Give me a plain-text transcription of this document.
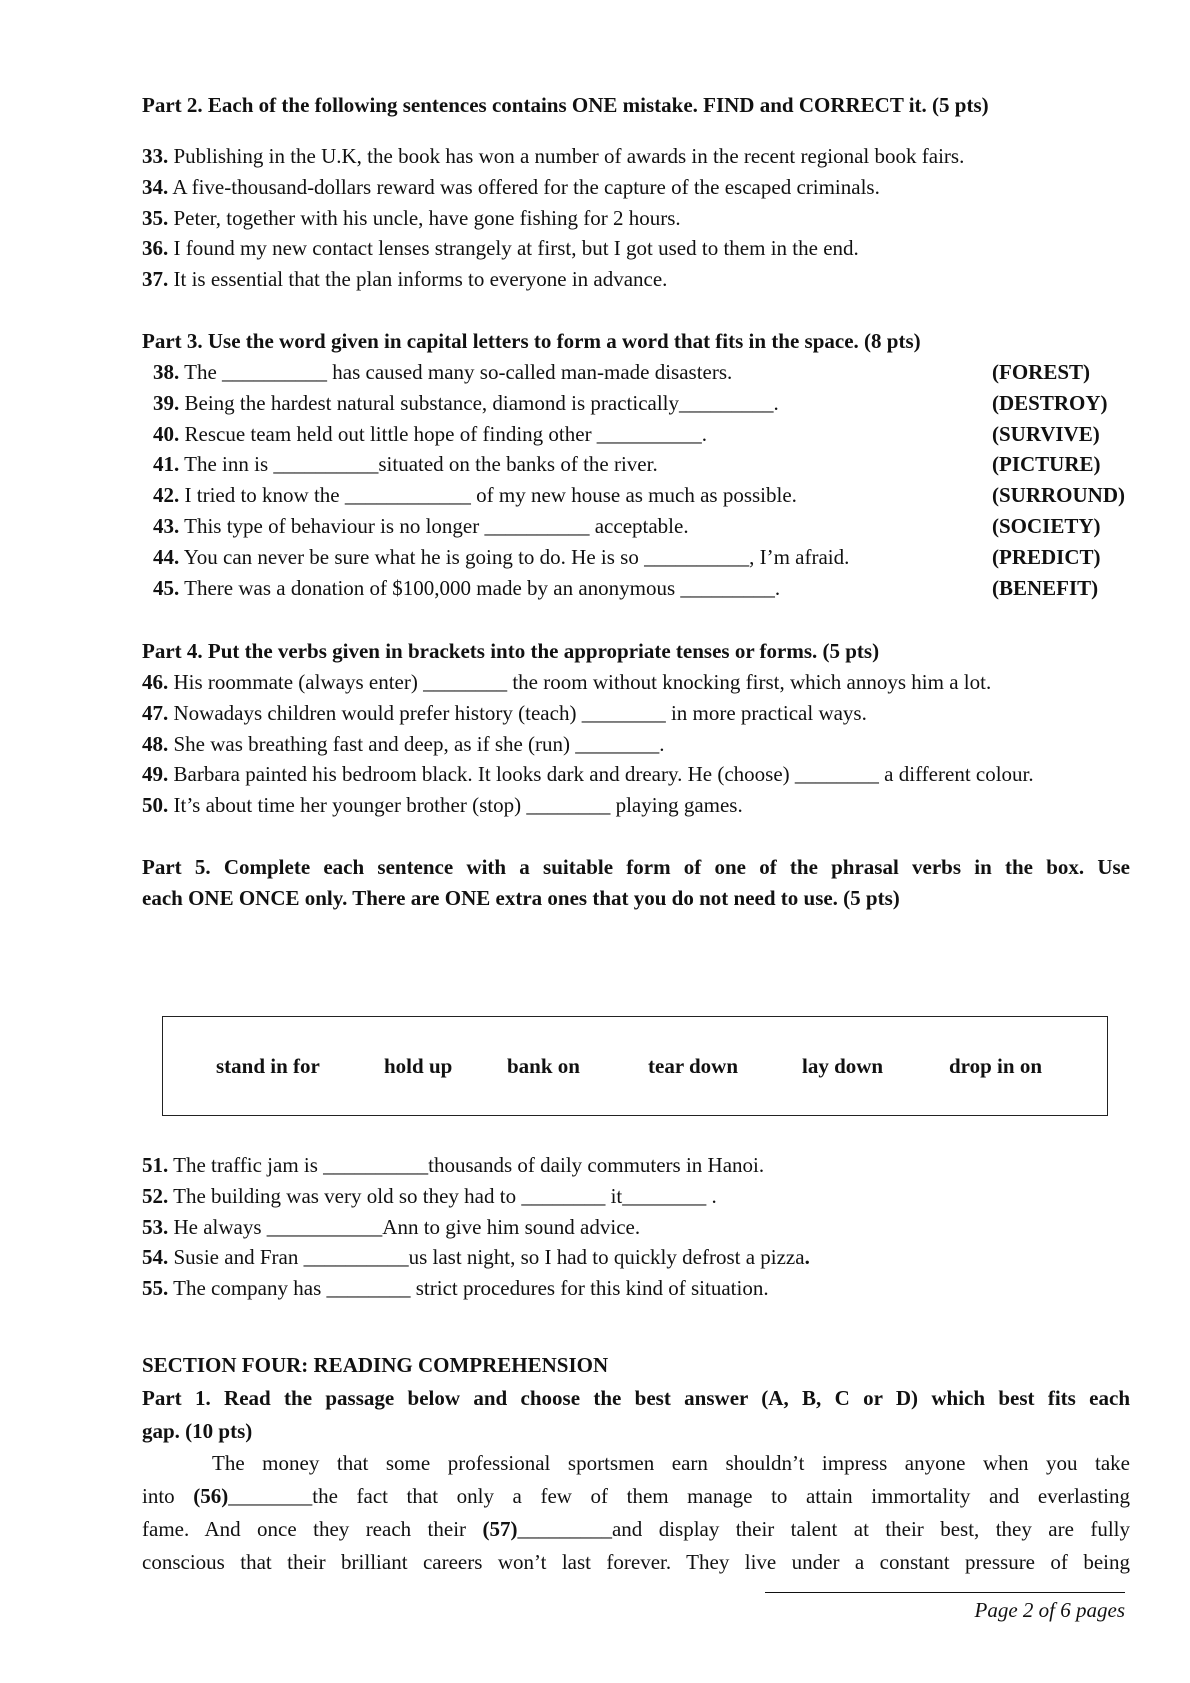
Part 2. Each of the following sentences contains ONE mistake. FIND and CORRECT it. (5 pts)
33. Publishing in the U.K, the book has won a number of awards in the recent regional book fairs.
34. A five-thousand-dollars reward was offered for the capture of the escaped criminals.
35. Peter, together with his uncle, have gone fishing for 2 hours.
36. I found my new contact lenses strangely at first, but I got used to them in the end.
37. It is essential that the plan informs to everyone in advance.
Part 3. Use the word given in capital letters to form a word that fits in the space. (8 pts)
38. The __________ has caused many so-called man-made disasters.	(FOREST)
39. Being the hardest natural substance, diamond is practically_________.	(DESTROY)
40. Rescue team held out little hope of finding other __________.	(SURVIVE)
41. The inn is __________situated on the banks of the river.	(PICTURE)
42. I tried to know the ____________ of my new house as much as possible.	(SURROUND)
43. This type of behaviour is no longer __________ acceptable.	(SOCIETY)
44. You can never be sure what he is going to do. He is so __________, I’m afraid.	(PREDICT)
45. There was a donation of $100,000 made by an anonymous _________.	(BENEFIT)
Part 4. Put the verbs given in brackets into the appropriate tenses or forms. (5 pts)
46. His roommate (always enter) ________ the room without knocking first, which annoys him a lot.
47. Nowadays children would prefer history (teach) ________ in more practical ways.
48. She was breathing fast and deep, as if she (run) ________.
49. Barbara painted his bedroom black. It looks dark and dreary. He (choose) ________ a different colour.
50. It’s about time her younger brother (stop) ________ playing games.
Part 5. Complete each sentence with a suitable form of one of the phrasal verbs in the box. Use
each ONE ONCE only. There are ONE extra ones that you do not need to use. (5 pts)
stand in for	hold up	bank on	tear down	lay down	drop in on
51. The traffic jam is __________thousands of daily commuters in Hanoi.
52. The building was very old so they had to ________ it________ .
53. He always ___________Ann to give him sound advice.
54. Susie and Fran __________us last night, so I had to quickly defrost a pizza.
55. The company has ________ strict procedures for this kind of situation.
SECTION FOUR: READING COMPREHENSION
Part 1. Read the passage below and choose the best answer (A, B, C or D) which best fits each
gap. (10 pts)
The money that some professional sportsmen earn shouldn’t impress anyone when you take
into (56)________the fact that only a few of them manage to attain immortality and everlasting
fame. And once they reach their (57)_________and display their talent at their best, they are fully
conscious that their brilliant careers won’t last forever. They live under a constant pressure of being
Page 2 of 6 pages
